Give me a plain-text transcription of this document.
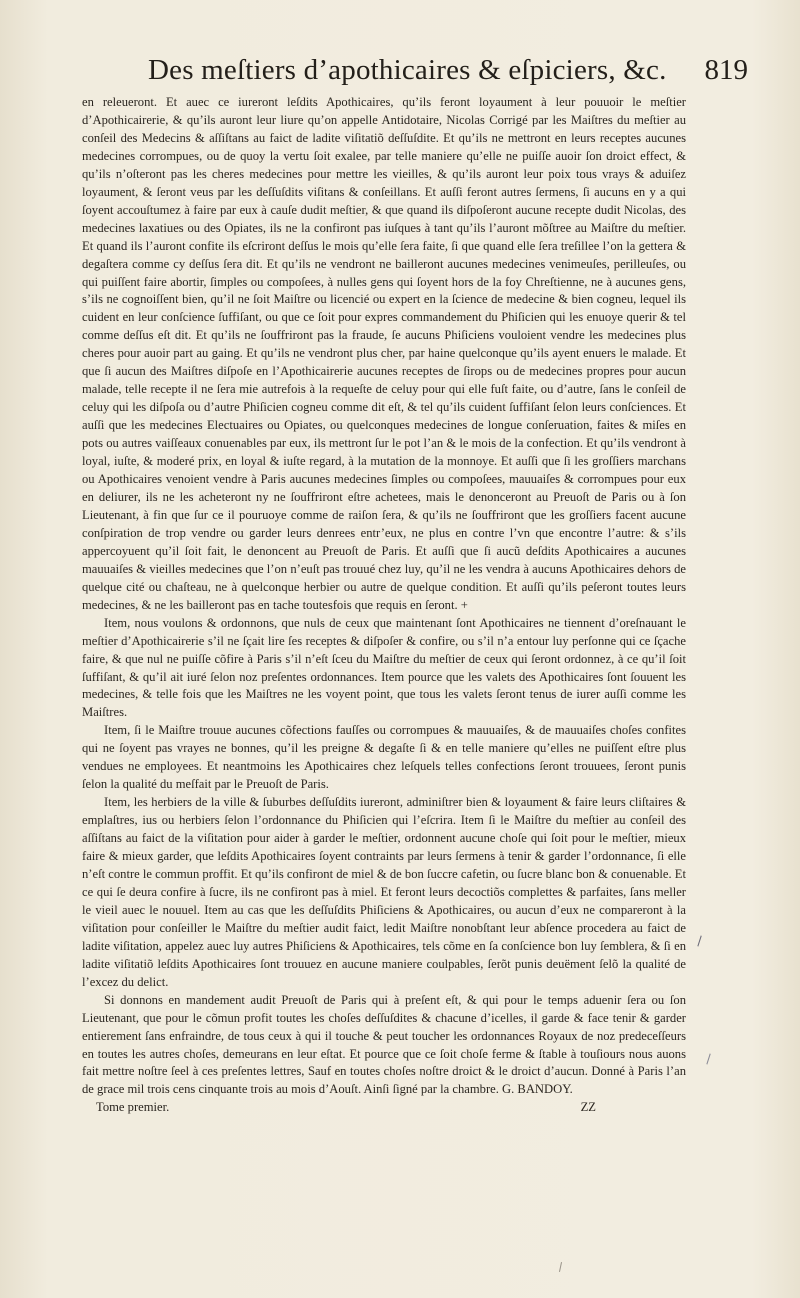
Des meſtiers d’apothicaires & eſpiciers, &c. 819

en releueront. Et auec ce iureront leſdits Apothicaires, qu’ils feront loyaument à leur pouuoir le meſtier d’Apothicairerie, & qu’ils auront leur liure qu’on appelle Antidotaire, Nicolas Corrigé par les Maiſtres du meſtier au conſeil des Medecins & aſſiſtans au faict de ladite viſitatiõ deſſuſdite. Et qu’ils ne mettront en leurs receptes aucunes medecines corrompues, ou de quoy la vertu ſoit exalee, par telle maniere qu’elle ne puiſſe auoir ſon droict effect, & qu’ils n’oſteront pas les cheres medecines pour mettre les vieilles, & qu’ils auront leur poix tous vrays & aduiſez loyaument, & ſeront veus par les deſſuſdits viſitans & conſeillans. Et auſſi feront autres ſermens, ſi aucuns en y a qui ſoyent accouſtumez à faire par eux à cauſe dudit meſtier, & que quand ils diſpoſeront aucune recepte dudit Nicolas, des medecines laxatiues ou des Opiates, ils ne la confiront pas iuſques à tant qu’ils l’auront mõſtree au Maiſtre du meſtier. Et quand ils l’auront confite ils eſcriront deſſus le mois qu’elle ſera faite, ſi que quand elle ſera treſillee l’on la gettera & degaſtera comme cy deſſus ſera dit. Et qu’ils ne vendront ne bailleront aucunes medecines venimeuſes, perilleuſes, ou qui puiſſent faire abortir, ſimples ou compoſees, à nulles gens qui ſoyent hors de la foy Chreſtienne, ne à aucunes gens, s’ils ne cognoiſſent bien, qu’il ne ſoit Maiſtre ou licencié ou expert en la ſcience de medecine & bien cogneu, lequel ils cuident en leur conſcience ſuffiſant, ou que ce ſoit pour expres commandement du Phiſicien qui les enuoye querir & tel comme deſſus eſt dit. Et qu’ils ne ſouffriront pas la fraude, ſe aucuns Phiſiciens vouloient vendre les medecines plus cheres pour auoir part au gaing. Et qu’ils ne vendront plus cher, par haine quelconque qu’ils ayent enuers le malade. Et que ſi aucun des Maiſtres diſpoſe en l’Apothicairerie aucunes receptes de ſirops ou de medecines propres pour aucun malade, telle recepte il ne ſera mie autrefois à la requeſte de celuy pour qui elle fuſt faite, ou d’autre, ſans le conſeil de celuy qui les diſpoſa ou d’autre Phiſicien cogneu comme dit eſt, & tel qu’ils cuident ſuffiſant ſelon leurs conſciences. Et auſſi que les medecines Electuaires ou Opiates, ou quelconques medecines de longue conſeruation, faites & miſes en pots ou autres vaiſſeaux conuenables par eux, ils mettront ſur le pot l’an & le mois de la confection. Et qu’ils vendront à loyal, iuſte, & moderé prix, en loyal & iuſte regard, à la mutation de la monnoye. Et auſſi que ſi les groſſiers marchans ou Apothicaires venoient vendre à Paris aucunes medecines ſimples ou compoſees, mauuaiſes & corrompues pour eux en deliurer, ils ne les acheteront ny ne ſouffriront eſtre achetees, mais le denonceront au Preuoſt de Paris ou à ſon Lieutenant, à fin que ſur ce il pouruoye comme de raiſon ſera, & qu’ils ne ſouffriront que les groſſiers facent aucune conſpiration de trop vendre ou garder leurs denrees entr’eux, ne plus en contre l’vn que encontre l’autre: & s’ils appercoyuent qu’il ſoit fait, le denoncent au Preuoſt de Paris. Et auſſi que ſi aucũ deſdits Apothicaires a aucunes mauuaiſes & vieilles medecines que l’on n’euſt pas trouué chez luy, qu’il ne les vendra à aucuns Apothicaires dehors de quelque cité ou chaſteau, ne à quelconque herbier ou autre de quelque condition. Et auſſi qu’ils peſeront toutes leurs medecines, & ne les bailleront pas en tache toutesfois que requis en ſeront. +

Item, nous voulons & ordonnons, que nuls de ceux que maintenant ſont Apothicaires ne tiennent d’oreſnauant le meſtier d’Apothicairerie s’il ne ſçait lire ſes receptes & diſpoſer & confire, ou s’il n’a entour luy perſonne qui ce ſçache faire, & que nul ne puiſſe cõfire à Paris s’il n’eſt ſceu du Maiſtre du meſtier de ceux qui ſeront ordonnez, à ce qu’il ſoit ſuffiſant, & qu’il ait iuré ſelon noz preſentes ordonnances. Item pource que les valets des Apothicaires ſont ſouuent les medecines, & telle fois que les Maiſtres ne les voyent point, que tous les valets ſeront tenus de iurer auſſi comme les Maiſtres.

Item, ſi le Maiſtre trouue aucunes cõfections fauſſes ou corrompues & mauuaiſes, & de mauuaiſes choſes confites qui ne ſoyent pas vrayes ne bonnes, qu’il les preigne & degaſte ſi & en telle maniere qu’elles ne puiſſent eſtre plus vendues ne employees. Et neantmoins les Apothicaires chez leſquels telles confections ſeront trouuees, ſeront punis ſelon la qualité du meſfait par le Preuoſt de Paris.

Item, les herbiers de la ville & ſuburbes deſſuſdits iureront, adminiſtrer bien & loyaument & faire leurs cliſtaires & emplaſtres, ius ou herbiers ſelon l’ordonnance du Phiſicien qui l’eſcrira. Item ſi le Maiſtre du meſtier au conſeil des aſſiſtans au faict de la viſitation pour aider à garder le meſtier, ordonnent aucune choſe qui ſoit pour le meſtier, mieux faire & mieux garder, que leſdits Apothicaires ſoyent contraints par leurs ſermens à tenir & garder l’ordonnance, ſi elle n’eſt contre le commun proffit. Et qu’ils confiront de miel & de bon ſuccre cafetin, ou ſucre blanc bon & conuenable. Et ce qui ſe deura confire à ſucre, ils ne confiront pas à miel. Et feront leurs decoctiõs complettes & parfaites, ſans meller le vieil auec le nouuel. Item au cas que les deſſuſdits Phiſiciens & Apothicaires, ou aucun d’eux ne compareront à la viſitation pour conſeiller le Maiſtre du meſtier audit faict, ledit Maiſtre nonobſtant leur abſence procedera au faict de ladite viſitation, appelez auec luy autres Phiſiciens & Apothicaires, tels cõme en ſa conſcience bon luy ſemblera, & ſi en ladite viſitatiõ leſdits Apothicaires ſont trouuez en aucune maniere coulpables, ſerõt punis deuëment ſelõ la qualité de l’excez du delict.

Si donnons en mandement audit Preuoſt de Paris qui à preſent eſt, & qui pour le temps aduenir ſera ou ſon Lieutenant, que pour le cõmun profit toutes les choſes deſſuſdites & chacune d’icelles, il garde & face tenir & garder entierement ſans enfraindre, de tous ceux à qui il touche & peut toucher les ordonnances Royaux de noz predeceſſeurs en toutes les autres choſes, demeurans en leur eſtat. Et pource que ce ſoit choſe ferme & ſtable à touſiours nous auons fait mettre noſtre ſeel à ces preſentes lettres, Sauf en toutes choſes noſtre droict & le droict d’aucun. Donné à Paris l’an de grace mil trois cens cinquante trois au mois d’Aouſt. Ainſi ſigné par la chambre. G. BANDOY.

Tome premier.	ZZ
\
\
